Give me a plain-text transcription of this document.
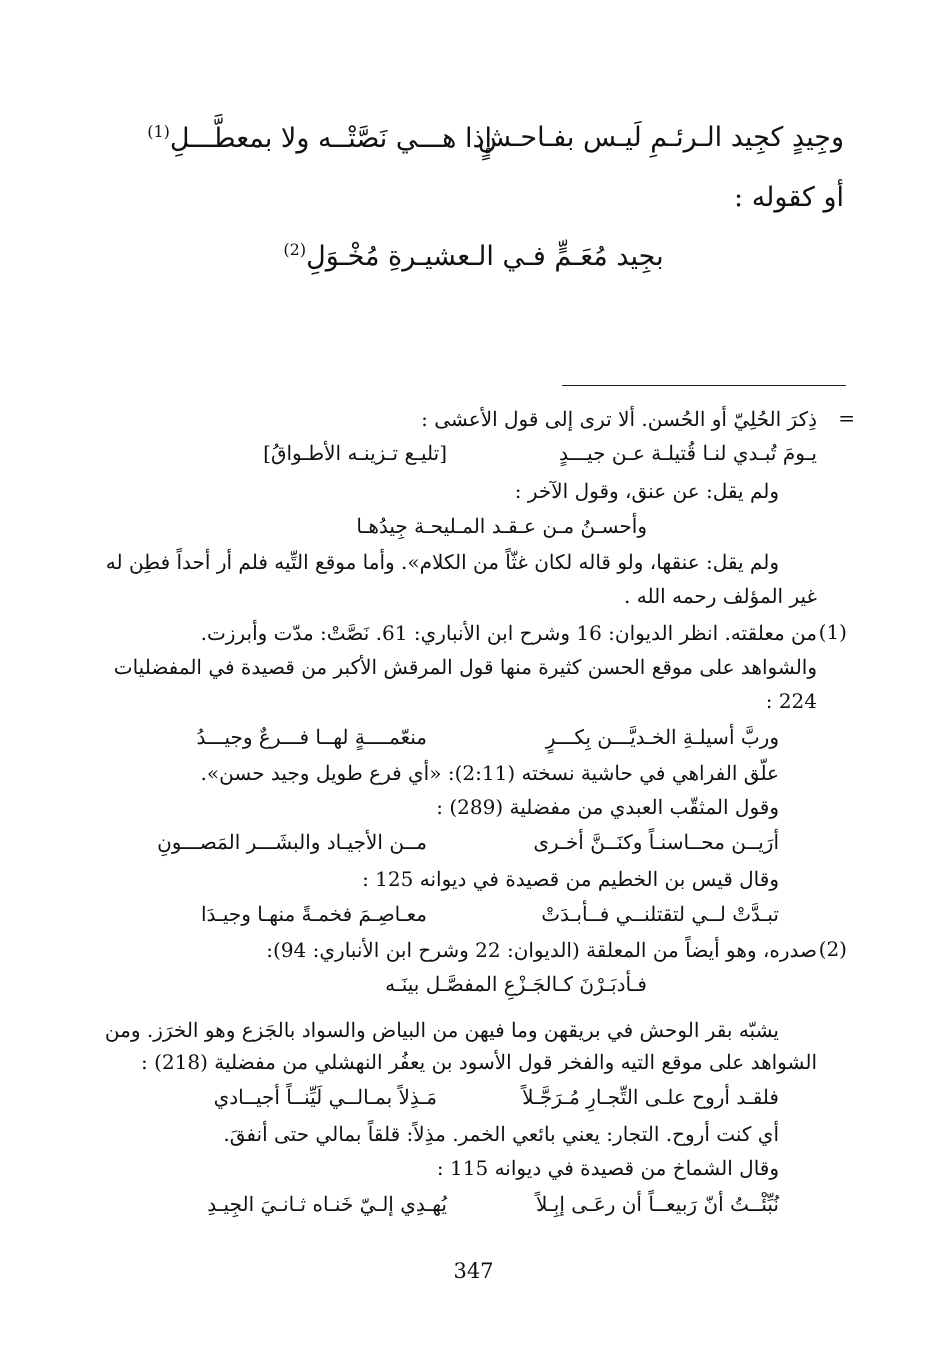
وجِيدٍ كجِيد الـرئـمِ لَيـس بفـاحـشٍ
إذا هـــي نَصَّتْــه ولا بمعطَّـــلِ$^{(1)}$
أو كقوله :
بجِيد مُعَـمٍّ فـي الـعشيـرةِ مُخْـوَلِ$^{(2)}$
=
ذِكرَ الحُلِيّ أو الحُسن. ألا ترى إلى قول الأعشى :
يـومَ تُبـدي لنـا قُتيلـة عـن جيـــدٍ
[تليـع تـزينـه الأطـواقُ]
ولم يقل: عن عنق، وقول الآخر :
وأحسـنُ مـن عـقـد المـليحـة جِيدُهـا
ولم يقل: عنقها، ولو قاله لكان غثّاً من الكلام». وأما موقع التِّيه فلم أر أحداً فطِن له
غير المؤلف رحمه الله .
(1)
من معلقته. انظر الديوان: 16 وشرح ابن الأنباري: 61. نَصَّتْ: مدّت وأبرزت.
والشواهد على موقع الحسن كثيرة منها قول المرقش الأكبر من قصيدة في المفضليات
: 224
وربَّ أسيلـةِ الخـديَّـــن بِكـــرٍ
منعّمــــةٍ لهــا فـــرعٌ وجيـــدُ
علّق الفراهي في حاشية نسخته (2:11): «أي فرع طويل وجيد حسن».
وقول المثقّب العبدي من مفضلية (289) :
أرَيــن محــاسنـاً وكنَــنَّ أخـرى
مــن الأجيـاد والبشَـــر المَصـــونِ
وقال قيس بن الخطيم من قصيدة في ديوانه 125 :
تبـدَّتْ لــي لتقتلنــي فــأبـدَتْ
معـاصِـمَ فخمـةً منهـا وجيـدَا
(2)
صدره، وهو أيضاً من المعلقة (الديوان: 22 وشرح ابن الأنباري: 94):
فـأدبَـرْنَ كـالجَـزْعِ المفصَّـل بينَـه
يشبّه بقر الوحش في بريقهن وما فيهن من البياض والسواد بالجَزع وهو الخرَز. ومن
الشواهد على موقع التيه والفخر قول الأسود بن يعفُر النهشلي من مفضلية (218) :
فلقـد أروح علـى التِّجـارِ مُـرَجَّـلاً
مَـذِلاً بمـالــي لَيِّنــاً أجيــادي
أي كنت أروح. التجار: يعني بائعي الخمر. مذِلاً: قلقاً بمالي حتى أنفقَ.
وقال الشماخ من قصيدة في ديوانه 115 :
نُبِّئْــتُ أنّ رَبيعــاً أن رعَـى إبِـلاً
يُهـدِي إلـيّ خَنـاه ثـانـيَ الجِيـدِ
347
